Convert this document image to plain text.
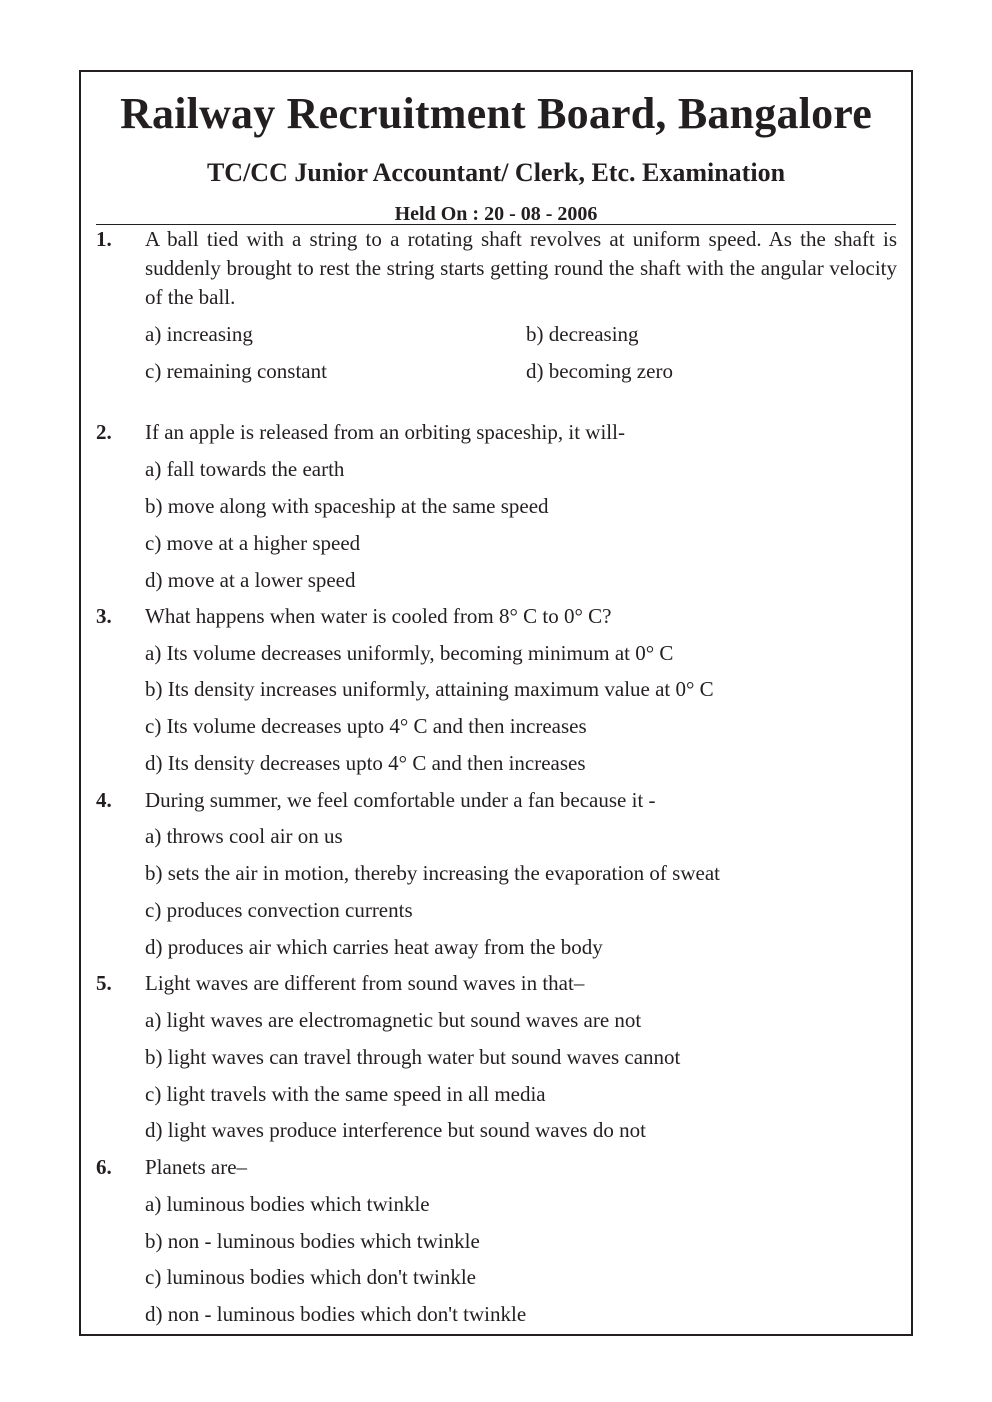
Railway Recruitment Board, Bangalore
TC/CC Junior Accountant/ Clerk, Etc. Examination
Held On : 20 - 08 - 2006
1. A ball tied with a string to a rotating shaft revolves at uniform speed. As the shaft is suddenly brought to rest the string starts getting round the shaft with the angular velocity of the ball.
a) increasing	b) decreasing
c) remaining constant	d) becoming zero
2. If an apple is released from an orbiting spaceship, it will-
a) fall towards the earth
b) move along with spaceship at the same speed
c) move at a higher speed
d) move at a lower speed
3. What happens when water is cooled from 8° C to 0° C?
a) Its volume decreases uniformly, becoming minimum at 0° C
b) Its density increases uniformly, attaining maximum value at 0° C
c) Its volume decreases upto 4° C and then increases
d) Its density decreases upto 4° C and then increases
4. During summer, we feel comfortable under a fan because it -
a) throws cool air on us
b) sets the air in motion, thereby increasing the evaporation of sweat
c) produces convection currents
d) produces air which carries heat away from the body
5. Light waves are different from sound waves in that–
a) light waves are electromagnetic but sound waves are not
b) light waves can travel through water but sound waves cannot
c) light travels with the same speed in all media
d) light waves produce interference but sound waves do not
6. Planets are–
a) luminous bodies which twinkle
b) non - luminous bodies which twinkle
c) luminous bodies which don't twinkle
d) non - luminous bodies which don't twinkle
